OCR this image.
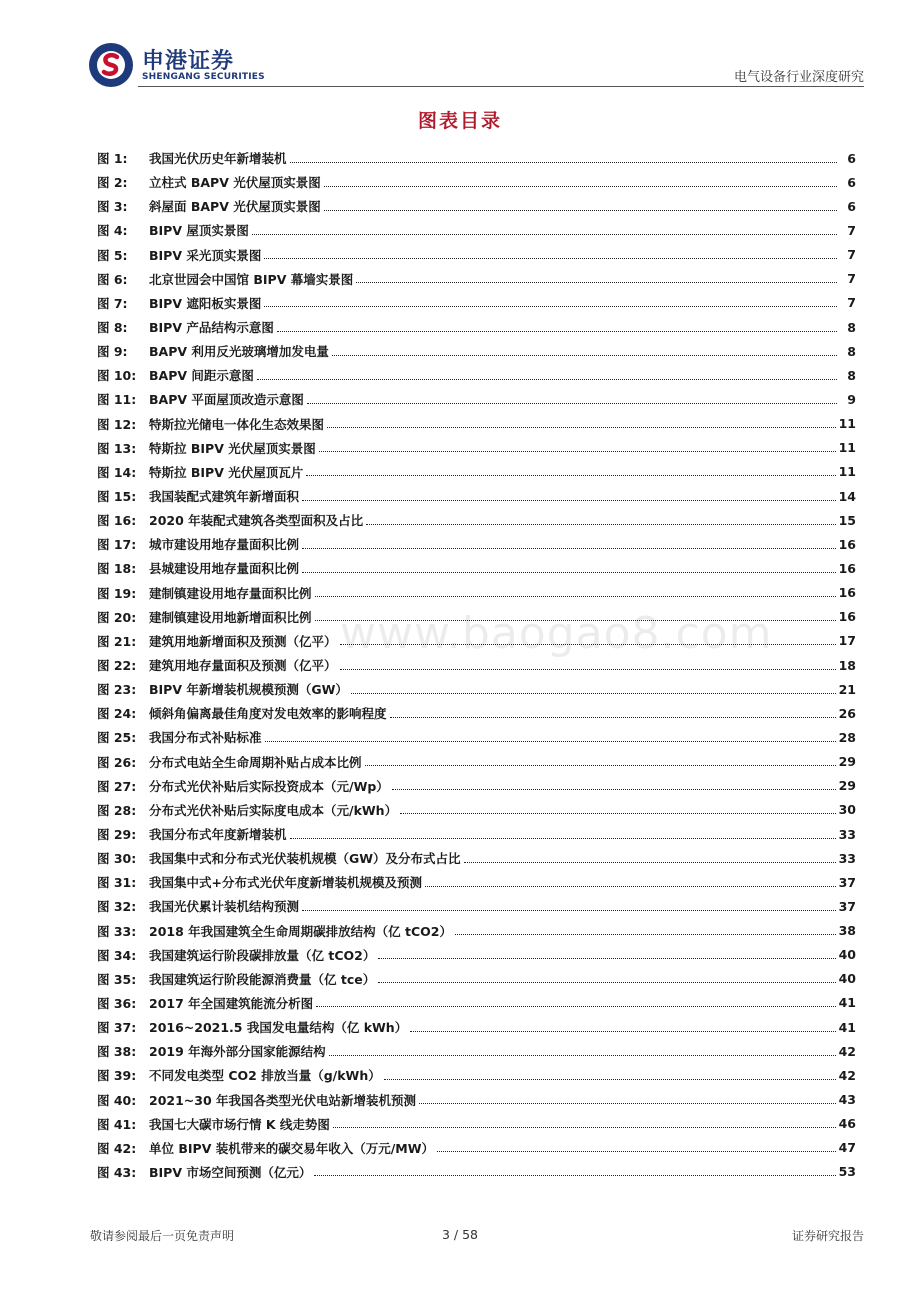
申港证券
SHENGANG SECURITIES	电气设备行业深度研究
图表目录
www.baogao8.com
图 1:	我国光伏历史年新增装机	6
图 2:	立柱式 BAPV 光伏屋顶实景图	6
图 3:	斜屋面 BAPV 光伏屋顶实景图	6
图 4:	BIPV 屋顶实景图	7
图 5:	BIPV 采光顶实景图	7
图 6:	北京世园会中国馆 BIPV 幕墙实景图	7
图 7:	BIPV 遮阳板实景图	7
图 8:	BIPV 产品结构示意图	8
图 9:	BAPV 利用反光玻璃增加发电量	8
图 10:	BAPV 间距示意图	8
图 11:	BAPV 平面屋顶改造示意图	9
图 12:	特斯拉光储电一体化生态效果图	11
图 13:	特斯拉 BIPV 光伏屋顶实景图	11
图 14:	特斯拉 BIPV 光伏屋顶瓦片	11
图 15:	我国装配式建筑年新增面积	14
图 16:	2020 年装配式建筑各类型面积及占比	15
图 17:	城市建设用地存量面积比例	16
图 18:	县城建设用地存量面积比例	16
图 19:	建制镇建设用地存量面积比例	16
图 20:	建制镇建设用地新增面积比例	16
图 21:	建筑用地新增面积及预测（亿平）	17
图 22:	建筑用地存量面积及预测（亿平）	18
图 23:	BIPV 年新增装机规模预测（GW）	21
图 24:	倾斜角偏离最佳角度对发电效率的影响程度	26
图 25:	我国分布式补贴标准	28
图 26:	分布式电站全生命周期补贴占成本比例	29
图 27:	分布式光伏补贴后实际投资成本（元/Wp）	29
图 28:	分布式光伏补贴后实际度电成本（元/kWh）	30
图 29:	我国分布式年度新增装机	33
图 30:	我国集中式和分布式光伏装机规模（GW）及分布式占比	33
图 31:	我国集中式+分布式光伏年度新增装机规模及预测	37
图 32:	我国光伏累计装机结构预测	37
图 33:	2018 年我国建筑全生命周期碳排放结构（亿 tCO2）	38
图 34:	我国建筑运行阶段碳排放量（亿 tCO2）	40
图 35:	我国建筑运行阶段能源消费量（亿 tce）	40
图 36:	2017 年全国建筑能流分析图	41
图 37:	2016~2021.5 我国发电量结构（亿 kWh）	41
图 38:	2019 年海外部分国家能源结构	42
图 39:	不同发电类型 CO2 排放当量（g/kWh）	42
图 40:	2021~30 年我国各类型光伏电站新增装机预测	43
图 41:	我国七大碳市场行情 K 线走势图	46
图 42:	单位 BIPV 装机带来的碳交易年收入（万元/MW）	47
图 43:	BIPV 市场空间预测（亿元）	53
敬请参阅最后一页免责声明	3 / 58	证券研究报告
